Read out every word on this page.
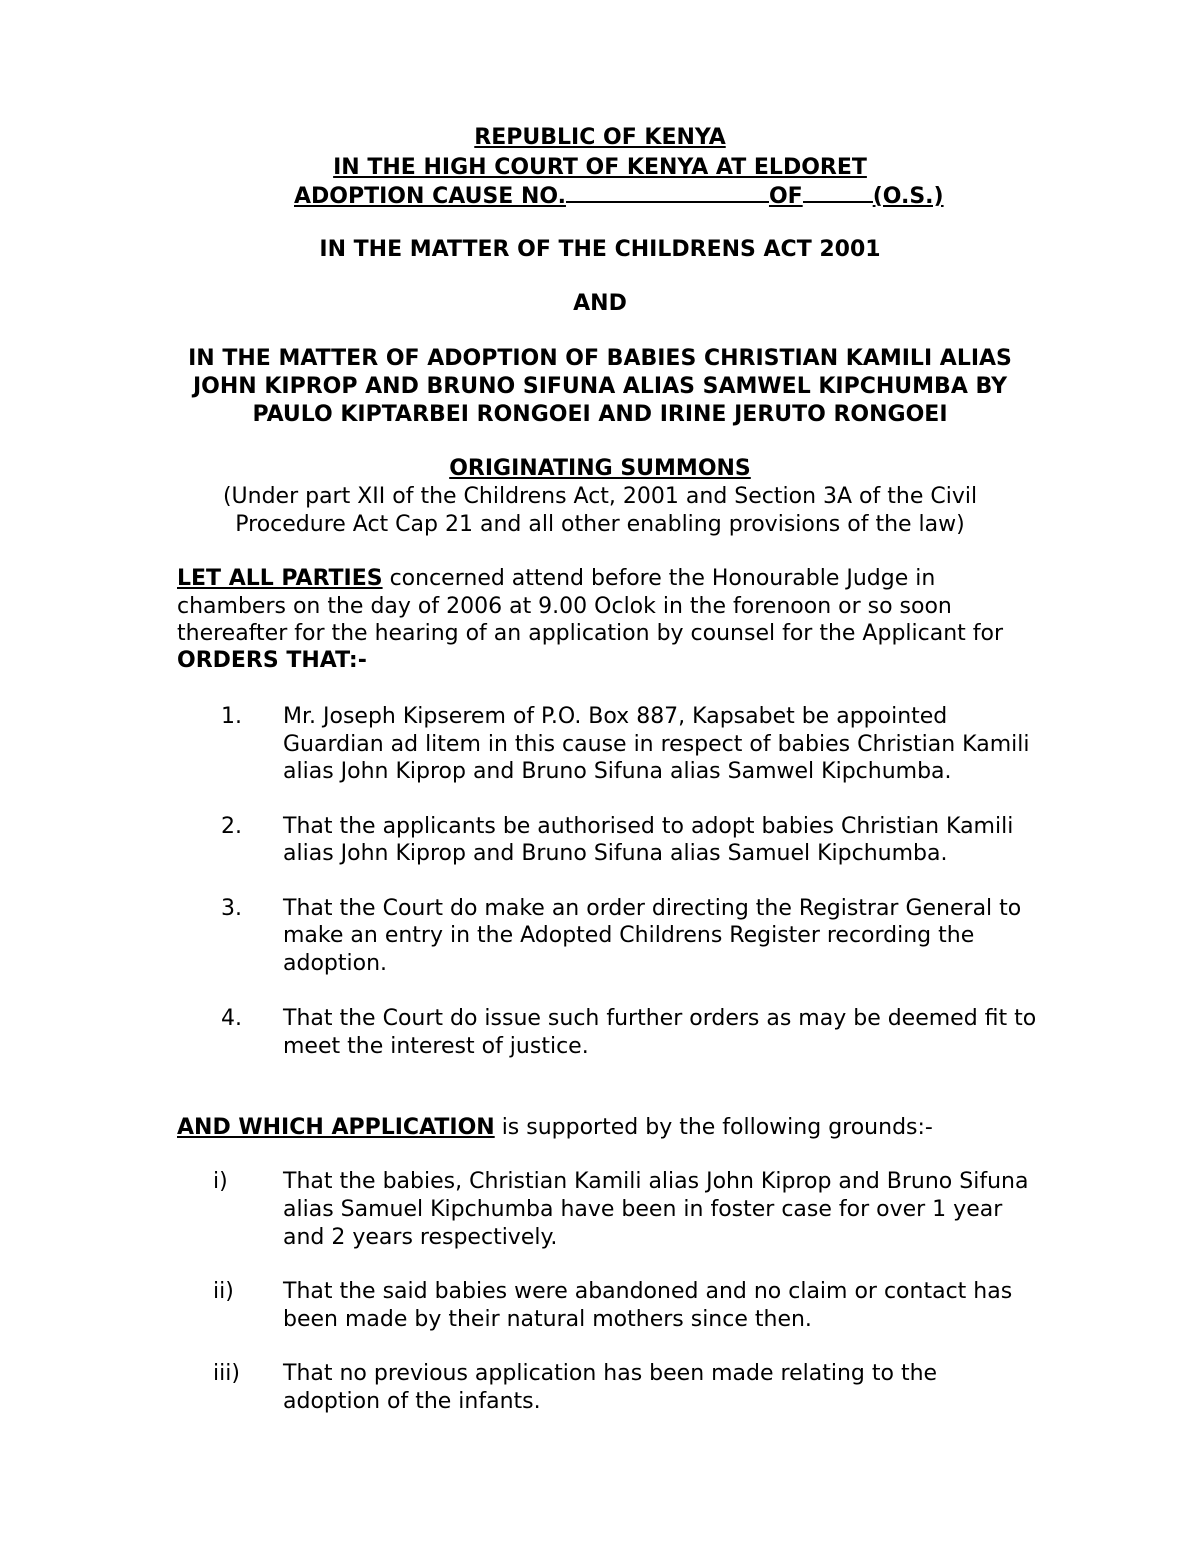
REPUBLIC OF KENYA
IN THE HIGH COURT OF KENYA AT ELDORET
ADOPTION CAUSE NO.	OF	(O.S.)
IN THE MATTER OF THE CHILDRENS ACT 2001
AND
IN THE MATTER OF ADOPTION OF BABIES CHRISTIAN KAMILI ALIAS
JOHN KIPROP AND BRUNO SIFUNA ALIAS SAMWEL KIPCHUMBA BY
PAULO KIPTARBEI RONGOEI AND IRINE JERUTO RONGOEI
ORIGINATING SUMMONS
(Under part XII of the Childrens Act, 2001 and Section 3A of the Civil
Procedure Act Cap 21 and all other enabling provisions of the law)
LET ALL PARTIES concerned attend before the Honourable Judge in
chambers on the day of 2006 at 9.00 Oclok in the forenoon or so soon
thereafter for the hearing of an application by counsel for the Applicant for
ORDERS THAT:-
1. Mr. Joseph Kipserem of P.O. Box 887, Kapsabet be appointed
Guardian ad litem in this cause in respect of babies Christian Kamili
alias John Kiprop and Bruno Sifuna alias Samwel Kipchumba.
2. That the applicants be authorised to adopt babies Christian Kamili
alias John Kiprop and Bruno Sifuna alias Samuel Kipchumba.
3. That the Court do make an order directing the Registrar General to
make an entry in the Adopted Childrens Register recording the
adoption.
4. That the Court do issue such further orders as may be deemed fit to
meet the interest of justice.
AND WHICH APPLICATION is supported by the following grounds:-
i)	That the babies, Christian Kamili alias John Kiprop and Bruno Sifuna
alias Samuel Kipchumba have been in foster case for over 1 year
and 2 years respectively.
ii) That the said babies were abandoned and no claim or contact has
been made by their natural mothers since then.
iii) That no previous application has been made relating to the
adoption of the infants.
